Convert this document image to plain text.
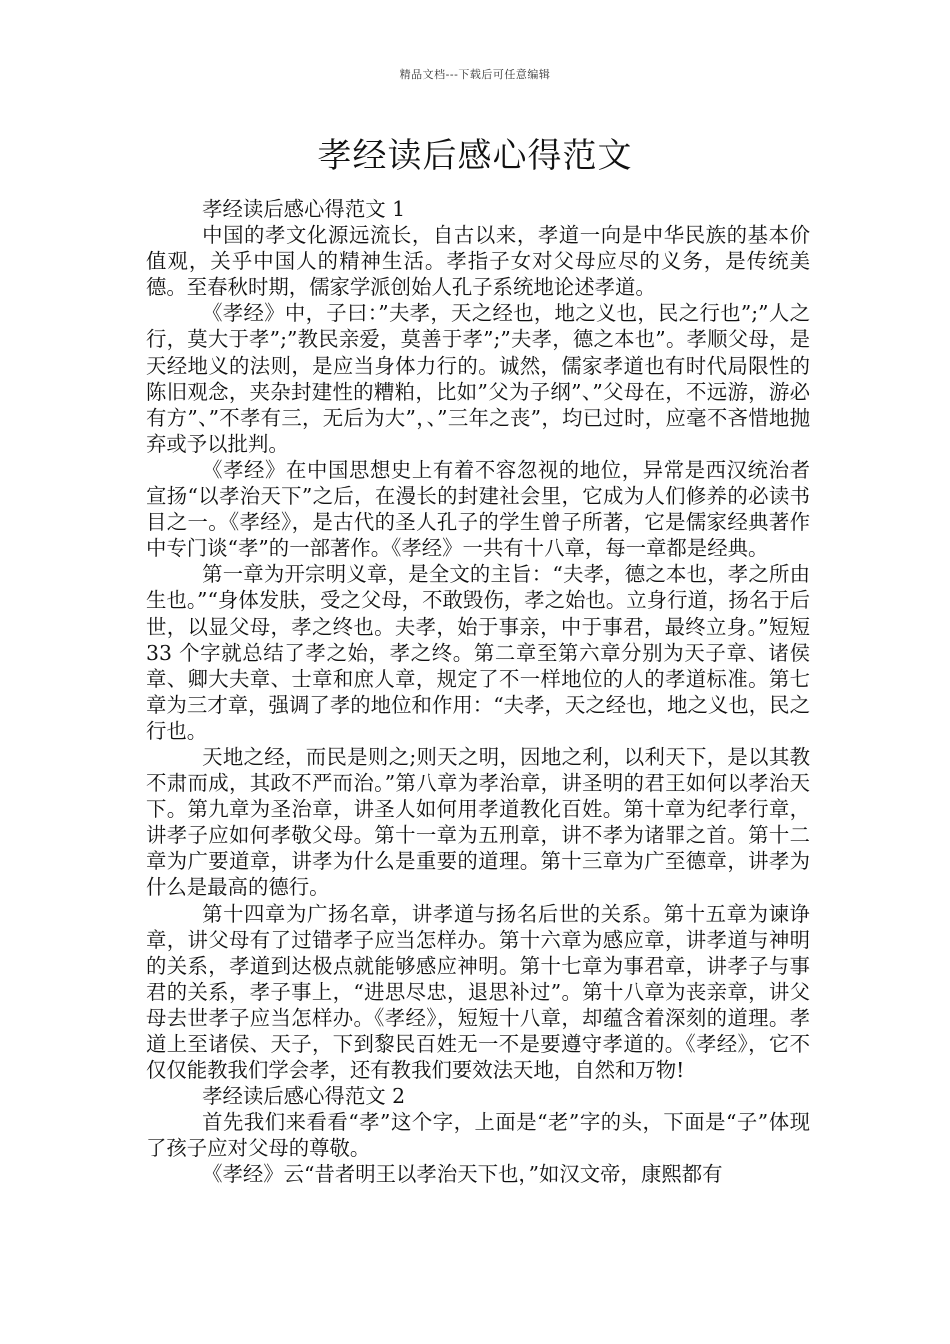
精品文档---下载后可任意编辑
孝经读后感心得范文

孝经读后感心得范文 1

中国的孝文化源远流长，自古以来，孝道一向是中华民族的基本价值观，关乎中国人的精神生活。孝指子女对父母应尽的义务，是传统美德。至春秋时期，儒家学派创始人孔子系统地论述孝道。

《孝经》中，子曰：”夫孝，天之经也，地之义也，民之行也”;”人之行，莫大于孝”;”教民亲爱，莫善于孝”;”夫孝，德之本也”。孝顺父母，是天经地义的法则，是应当身体力行的。诚然，儒家孝道也有时代局限性的陈旧观念，夹杂封建性的糟粕，比如”父为子纲”、”父母在，不远游，游必有方”、”不孝有三，无后为大”，、”三年之丧”，均已过时，应毫不吝惜地抛弃或予以批判。

《孝经》在中国思想史上有着不容忽视的地位，异常是西汉统治者宣扬“以孝治天下”之后，在漫长的封建社会里，它成为人们修养的必读书目之一。《孝经》，是古代的圣人孔子的学生曾子所著，它是儒家经典著作中专门谈“孝”的一部著作。《孝经》一共有十八章，每一章都是经典。

第一章为开宗明义章，是全文的主旨：“夫孝，德之本也，孝之所由生也。”“身体发肤，受之父母，不敢毁伤，孝之始也。立身行道，扬名于后世，以显父母，孝之终也。夫孝，始于事亲，中于事君，最终立身。”短短 33 个字就总结了孝之始，孝之终。第二章至第六章分别为天子章、诸侯章、卿大夫章、士章和庶人章，规定了不一样地位的人的孝道标准。第七章为三才章，强调了孝的地位和作用：“夫孝，天之经也，地之义也，民之行也。

天地之经，而民是则之;则天之明，因地之利，以利天下，是以其教不肃而成，其政不严而治。”第八章为孝治章，讲圣明的君王如何以孝治天下。第九章为圣治章，讲圣人如何用孝道教化百姓。第十章为纪孝行章，讲孝子应如何孝敬父母。第十一章为五刑章，讲不孝为诸罪之首。第十二章为广要道章，讲孝为什么是重要的道理。第十三章为广至德章，讲孝为什么是最高的德行。

第十四章为广扬名章，讲孝道与扬名后世的关系。第十五章为谏诤章，讲父母有了过错孝子应当怎样办。第十六章为感应章，讲孝道与神明的关系，孝道到达极点就能够感应神明。第十七章为事君章，讲孝子与事君的关系，孝子事上，“进思尽忠，退思补过”。第十八章为丧亲章，讲父母去世孝子应当怎样办。《孝经》，短短十八章，却蕴含着深刻的道理。孝道上至诸侯、天子，下到黎民百姓无一不是要遵守孝道的。《孝经》，它不仅仅能教我们学会孝，还有教我们要效法天地，自然和万物!

孝经读后感心得范文 2

首先我们来看看“孝”这个字，上面是“老”字的头，下面是“子”体现了孩子应对父母的尊敬。

《孝经》云“昔者明王以孝治天下也，”如汉文帝，康熙都有
